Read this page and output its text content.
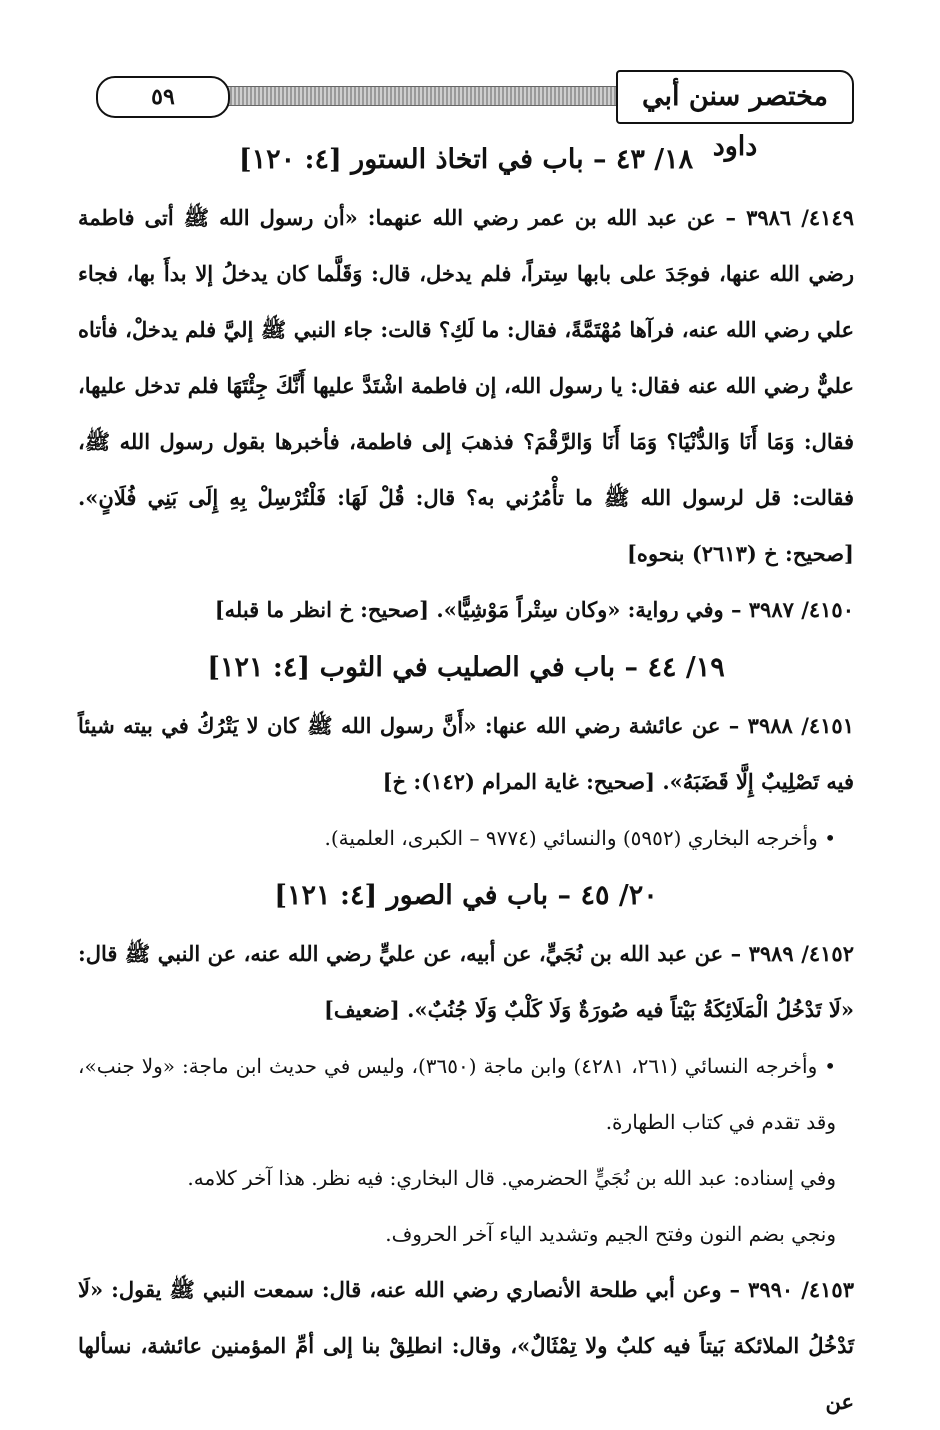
٥٩	مختصر سنن أبي داود

١٨/ ٤٣ – باب في اتخاذ الستور [٤: ١٢٠]

٤١٤٩/ ٣٩٨٦ – عن عبد الله بن عمر رضي الله عنهما: «أن رسول الله ﷺ أتى فاطمة رضي الله عنها، فوجَدَ على بابها سِتراً، فلم يدخل، قال: وَقَلَّما كان يدخلُ إلا بدأَ بها، فجاء علي رضي الله عنه، فرآها مُهْتَمَّةً، فقال: ما لَكِ؟ قالت: جاء النبي ﷺ إليَّ فلم يدخلْ، فأتاه عليٌّ رضي الله عنه فقال: يا رسول الله، إن فاطمة اشْتَدَّ عليها أَنَّكَ جِئْتَهَا فلم تدخل عليها، فقال: وَمَا أَنَا وَالدُّنْيَا؟ وَمَا أَنَا وَالرَّقْمَ؟ فذهبَ إلى فاطمة، فأخبرها بقول رسول الله ﷺ، فقالت: قل لرسول الله ﷺ ما تأْمُرُني به؟ قال: قُلْ لَهَا: فَلْتُرْسِلْ بِهِ إِلَى بَنِي فُلَانٍ». [صحيح: خ (٢٦١٣) بنحوه]

٤١٥٠/ ٣٩٨٧ – وفي رواية: «وكان سِتْراً مَوْشِيًّا». [صحيح: خ انظر ما قبله]

١٩/ ٤٤ – باب في الصليب في الثوب [٤: ١٢١]

٤١٥١/ ٣٩٨٨ – عن عائشة رضي الله عنها: «أَنَّ رسول الله ﷺ كان لا يَتْرُكُ في بيته شيئاً فيه تَصْلِيبٌ إِلَّا قَضَبَهُ». [صحيح: غاية المرام (١٤٢): خ]

• وأخرجه البخاري (٥٩٥٢) والنسائي (٩٧٧٤ – الكبرى، العلمية).

٢٠/ ٤٥ – باب في الصور [٤: ١٢١]

٤١٥٢/ ٣٩٨٩ – عن عبد الله بن نُجَيٍّ، عن أبيه، عن عليٍّ رضي الله عنه، عن النبي ﷺ قال: «لَا تَدْخُلُ الْمَلَائِكَةُ بَيْتاً فيه صُورَةٌ وَلَا كَلْبٌ وَلَا جُنُبٌ». [ضعيف]

• وأخرجه النسائي (٢٦١، ٤٢٨١) وابن ماجة (٣٦٥٠)، وليس في حديث ابن ماجة: «ولا جنب»، وقد تقدم في كتاب الطهارة.

وفي إسناده: عبد الله بن نُجَيٍّ الحضرمي. قال البخاري: فيه نظر. هذا آخر كلامه.

ونجي بضم النون وفتح الجيم وتشديد الياء آخر الحروف.

٤١٥٣/ ٣٩٩٠ – وعن أبي طلحة الأنصاري رضي الله عنه، قال: سمعت النبي ﷺ يقول: «لَا تَدْخُلُ الملائكة بَيتاً فيه كلبٌ ولا تِمْثَالٌ»، وقال: انطلِقْ بنا إلى أمِّ المؤمنين عائشة، نسألها عن
